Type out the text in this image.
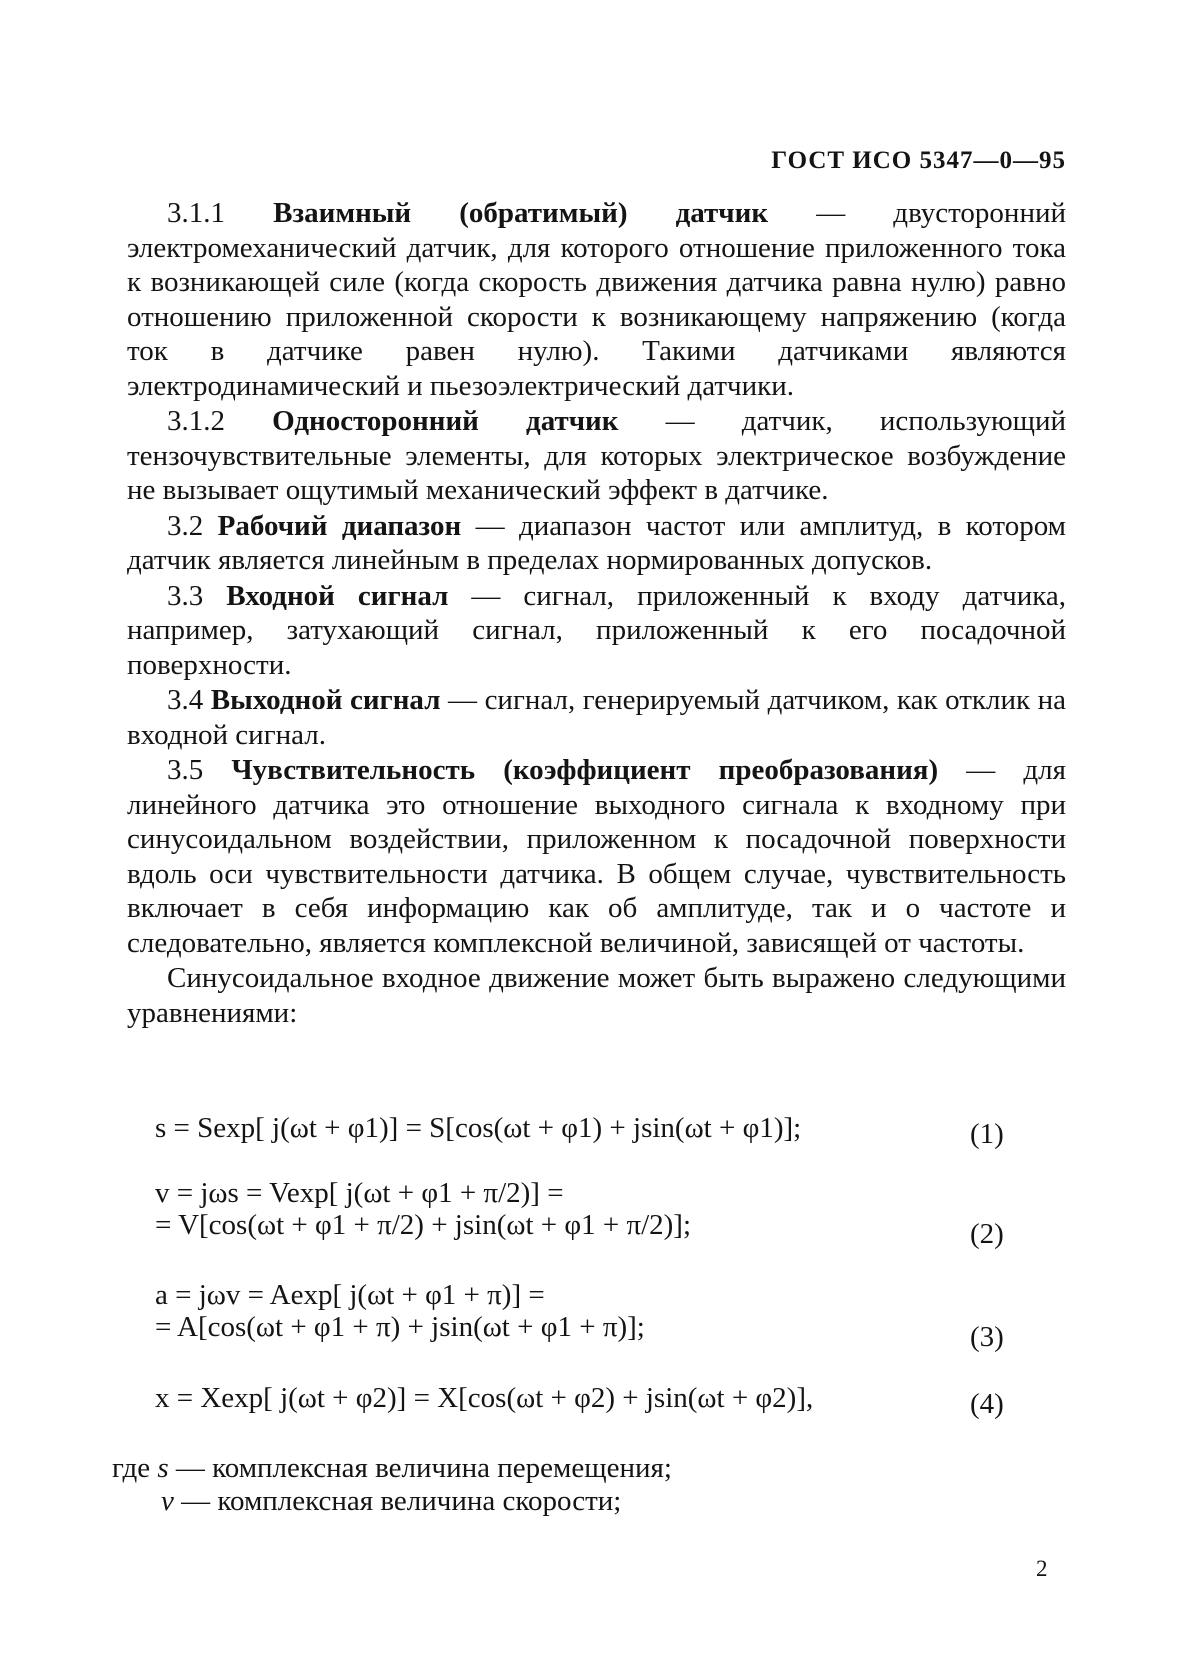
ГОСТ ИСО 5347—0—95

3.1.1 Взаимный (обратимый) датчик — двусторонний электромеханический датчик, для которого отношение приложенного тока к возникающей силе (когда скорость движения датчика равна нулю) равно отношению приложенной скорости к возникающему напряжению (когда ток в датчике равен нулю). Такими датчиками являются электродинамический и пьезоэлектрический датчики.

3.1.2 Односторонний датчик — датчик, использующий тензочувствительные элементы, для которых электрическое возбуждение не вызывает ощутимый механический эффект в датчике.

3.2 Рабочий диапазон — диапазон частот или амплитуд, в котором датчик является линейным в пределах нормированных допусков.

3.3 Входной сигнал — сигнал, приложенный к входу датчика, например, затухающий сигнал, приложенный к его посадочной поверхности.

3.4 Выходной сигнал — сигнал, генерируемый датчиком, как отклик на входной сигнал.

3.5 Чувствительность (коэффициент преобразования) — для линейного датчика это отношение выходного сигнала к входному при синусоидальном воздействии, приложенном к посадочной поверхности вдоль оси чувствительности датчика. В общем случае, чувствительность включает в себя информацию как об амплитуде, так и о частоте и следовательно, является комплексной величиной, зависящей от частоты.

Синусоидальное входное движение может быть выражено следующими уравнениями:

s = Sexp[ j(ωt + φ1)] = S[cos(ωt + φ1) + jsin(ωt + φ1)];	(1)
v = jωs = Vexp[ j(ωt + φ1 + π/2)] =
= V[cos(ωt + φ1 + π/2) + jsin(ωt + φ1 + π/2)];	(2)
a = jωv = Aexp[ j(ωt + φ1 + π)] =
= A[cos(ωt + φ1 + π) + jsin(ωt + φ1 + π)];	(3)
x = Xexp[ j(ωt + φ2)] = X[cos(ωt + φ2) + jsin(ωt + φ2)],	(4)
где s — комплексная величина перемещения;
v — комплексная величина скорости;
2
